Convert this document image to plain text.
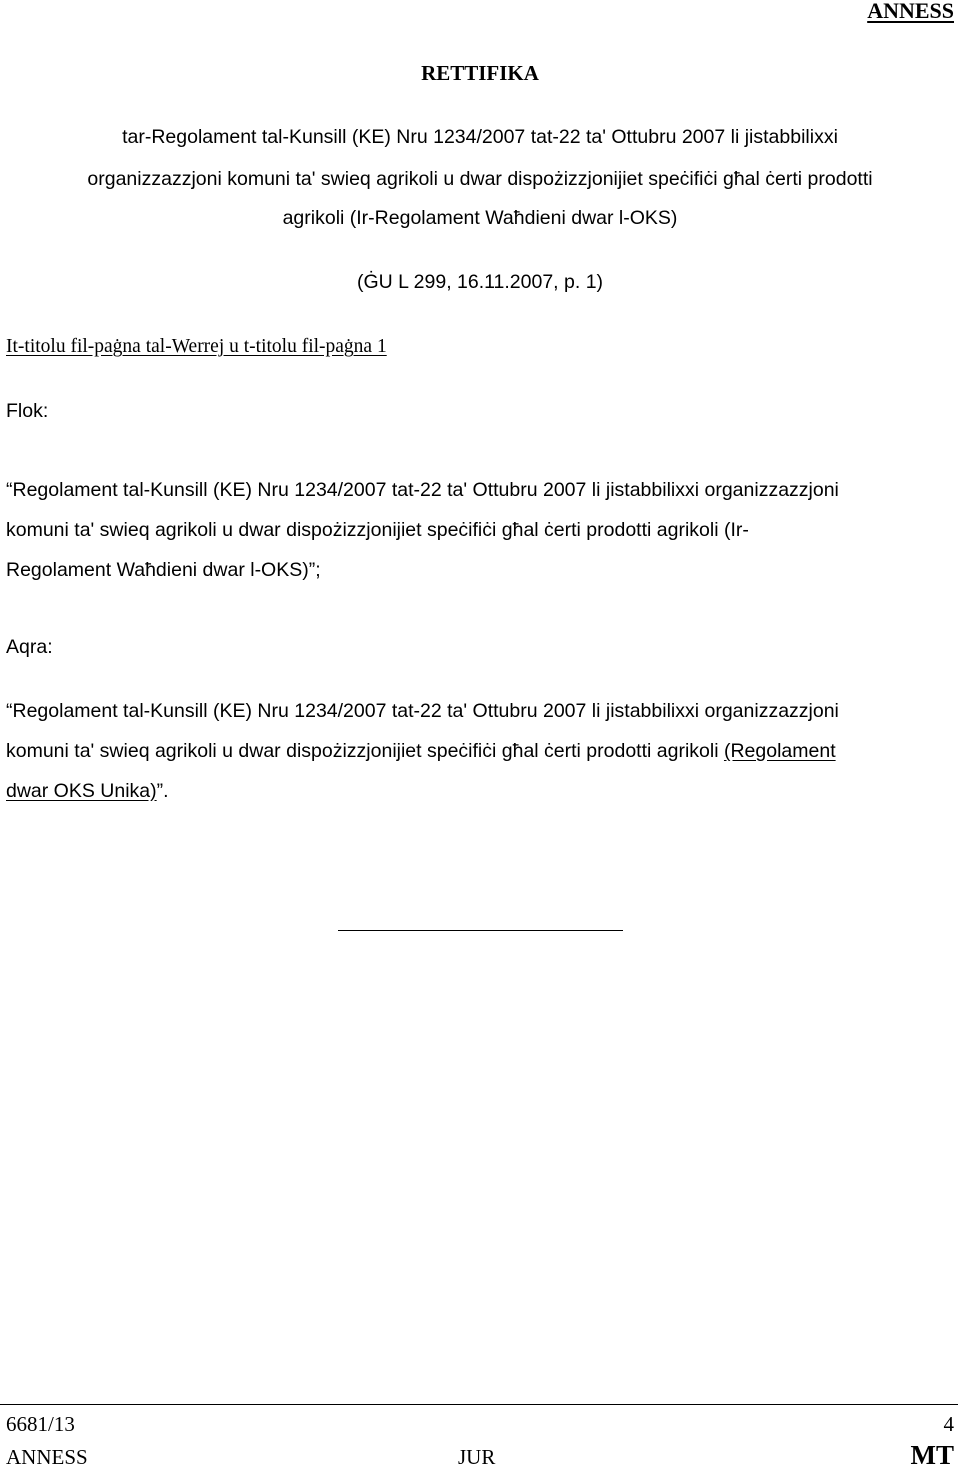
ANNESS
RETTIFIKA
tar-Regolament tal-Kunsill (KE) Nru 1234/2007 tat-22 ta' Ottubru 2007 li jistabbilixxi
organizzazzjoni komuni ta' swieq agrikoli u dwar dispożizzjonijiet speċifiċi għal ċerti prodotti
agrikoli (Ir-Regolament Waħdieni dwar l-OKS)
(ĠU L 299, 16.11.2007, p. 1)
It-titolu fil-paġna tal-Werrej u t-titolu fil-paġna 1
Flok:
“Regolament tal-Kunsill (KE) Nru 1234/2007 tat-22 ta' Ottubru 2007 li jistabbilixxi organizzazzjoni
komuni ta' swieq agrikoli u dwar dispożizzjonijiet speċifiċi għal ċerti prodotti agrikoli (Ir-
Regolament Waħdieni dwar l-OKS)”;
Aqra:
“Regolament tal-Kunsill (KE) Nru 1234/2007 tat-22 ta' Ottubru 2007 li jistabbilixxi organizzazzjoni
komuni ta' swieq agrikoli u dwar dispożizzjonijiet speċifiċi għal ċerti prodotti agrikoli (Regolament
dwar OKS Unika)”.
6681/13	4
ANNESS	JUR	MT
